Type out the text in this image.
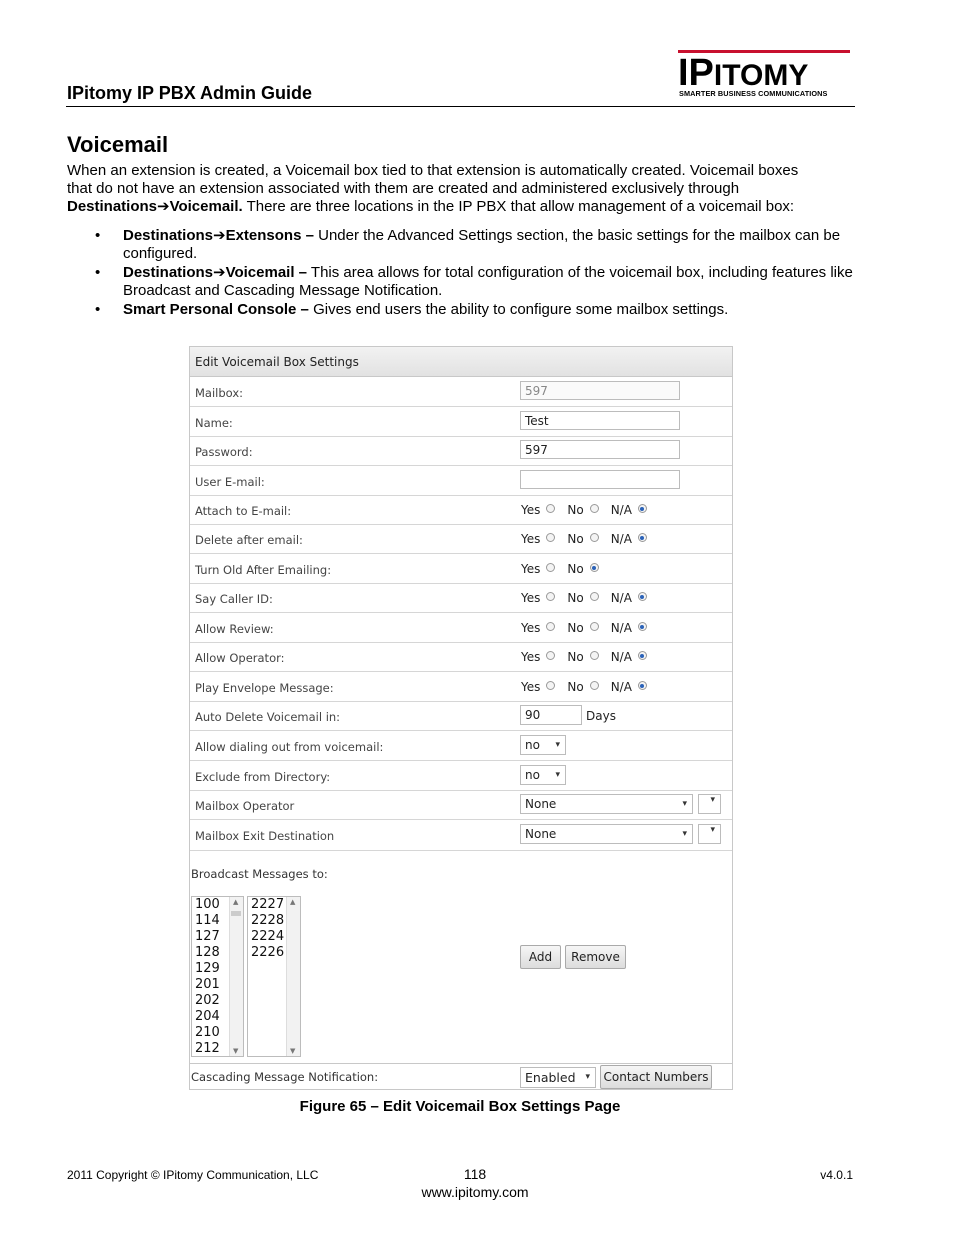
IPitomy IP PBX Admin Guide	IPITOMY
SMARTER BUSINESS COMMUNICATIONS
Voicemail

When an extension is created, a Voicemail box tied to that extension is automatically created. Voicemail boxes

that do not have an extension associated with them are created and administered exclusively through

Destinations➔Voicemail. There are three locations in the IP PBX that allow management of a voicemail box:

• Destinations➔Extensons – Under the Advanced Settings section, the basic settings for the mailbox can be configured.
• Destinations➔Voicemail – This area allows for total configuration of the voicemail box, including features like Broadcast and Cascading Message Notification.
• Smart Personal Console – Gives end users the ability to configure some mailbox settings.
Edit Voicemail Box Settings
Mailbox:	597
Name:	Test
Password:	597
User E-mail:
Attach to E-mail:	Yes No N/A
Delete after email:	Yes No N/A
Turn Old After Emailing:	Yes No
Say Caller ID:	Yes No N/A
Allow Review:	Yes No N/A
Allow Operator:	Yes No N/A
Play Envelope Message:	Yes No N/A
Auto Delete Voicemail in:	90	Days
Allow dialing out from voicemail:	no ▾
Exclude from Directory:	no ▾
Mailbox Operator	None ▾
▾
Mailbox Exit Destination	None ▾
▾
Broadcast Messages to:
100
114
127
128
129
201
202
204
210
212
▲
▼
2227
2228
2224
2226
▲
▼
Add	Remove
Cascading Message Notification:	Enabled ▾	Contact Numbers
Figure 65 – Edit Voicemail Box Settings Page
2011 Copyright © IPitomy Communication, LLC	118
www.ipitomy.com
v4.0.1
